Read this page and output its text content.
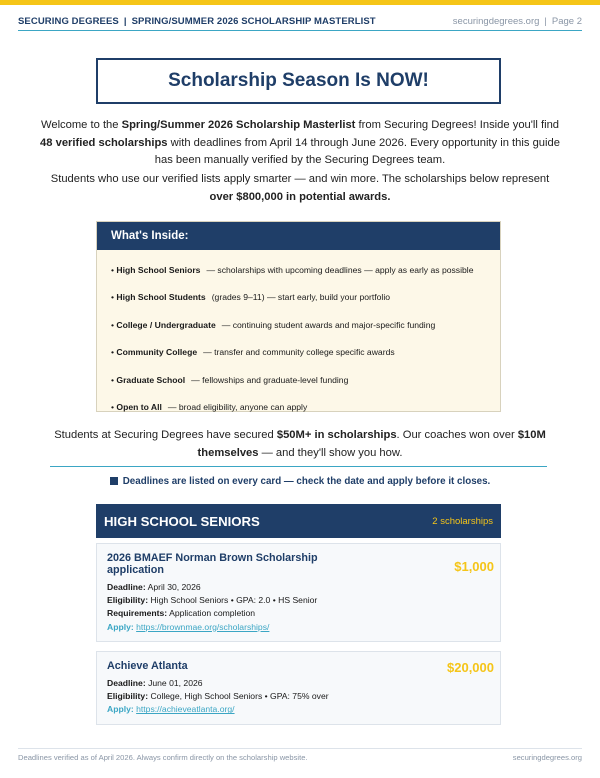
SECURING DEGREES | SPRING/SUMMER 2026 SCHOLARSHIP MASTERLIST	securingdegrees.org | Page 2
Scholarship Season Is NOW!

Welcome to the Spring/Summer 2026 Scholarship Masterlist from Securing Degrees! Inside you'll find 48 verified scholarships with deadlines from April 14 through June 2026. Every opportunity in this guide has been manually verified by the Securing Degrees team.

Students who use our verified lists apply smarter — and win more. The scholarships below represent over $800,000 in potential awards.

What's Inside:
•
High School Seniors — scholarships with upcoming deadlines — apply as early as possible
•
High School Students (grades 9–11) — start early, build your portfolio
•
College / Undergraduate — continuing student awards and major-specific funding
•
Community College — transfer and community college specific awards
•
Graduate School — fellowships and graduate-level funding
•
Open to All — broad eligibility, anyone can apply

Students at Securing Degrees have secured $50M+ in scholarships. Our coaches won over $10M themselves — and they'll show you how.

Deadlines are listed on every card — check the date and apply before it closes.
HIGH SCHOOL SENIORS	2 scholarships
$1,000
2026 BMAEF Norman Brown Scholarship application
Deadline: April 30, 2026
Eligibility: High School Seniors • GPA: 2.0 • HS Senior
Requirements: Application completion
Apply: https://brownmae.org/scholarships/
$20,000
Achieve Atlanta
Deadline: June 01, 2026
Eligibility: College, High School Seniors • GPA: 75% over
Apply: https://achieveatlanta.org/
Deadlines verified as of April 2026. Always confirm directly on the scholarship website.	securingdegrees.org
